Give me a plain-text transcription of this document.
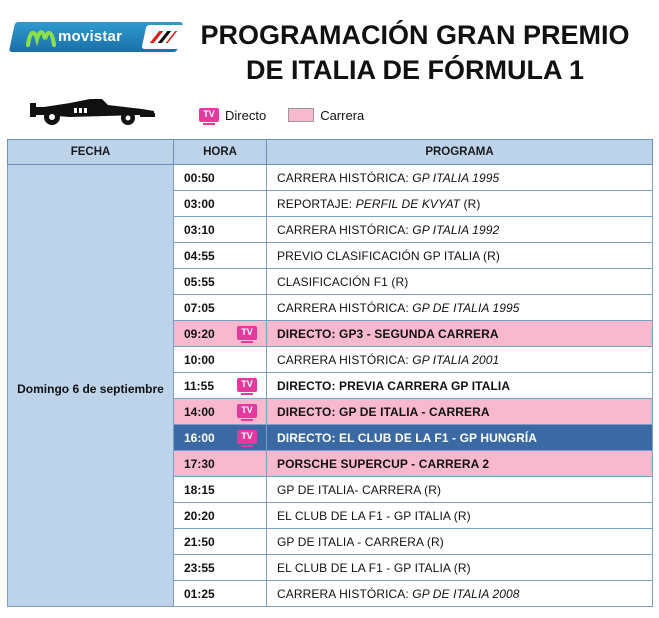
movistar	PROGRAMACIÓN GRAN PREMIO
DE ITALIA DE FÓRMULA 1
TV Directo	Carrera
FECHA	HORA	PROGRAMA
Domingo 6 de septiembre	00:50	CARRERA HISTÓRICA: GP ITALIA 1995
	03:00	REPORTAJE: PERFIL DE KVYAT (R)
	03:10	CARRERA HISTÓRICA: GP ITALIA 1992
	04:55	PREVIO CLASIFICACIÓN GP ITALIA (R)
	05:55	CLASIFICACIÓN F1 (R)
	07:05	CARRERA HISTÓRICA: GP DE ITALIA 1995
	09:20 TV	DIRECTO: GP3 - SEGUNDA CARRERA
	10:00	CARRERA HISTÓRICA: GP ITALIA 2001
	11:55 TV	DIRECTO: PREVIA CARRERA GP ITALIA
	14:00 TV	DIRECTO: GP DE ITALIA - CARRERA
	16:00 TV	DIRECTO: EL CLUB DE LA F1 - GP HUNGRÍA
	17:30	PORSCHE SUPERCUP - CARRERA 2
	18:15	GP DE ITALIA- CARRERA (R)
	20:20	EL CLUB DE LA F1 - GP ITALIA (R)
	21:50	GP DE ITALIA - CARRERA (R)
	23:55	EL CLUB DE LA F1 - GP ITALIA (R)
	01:25	CARRERA HISTÓRICA: GP DE ITALIA 2008
